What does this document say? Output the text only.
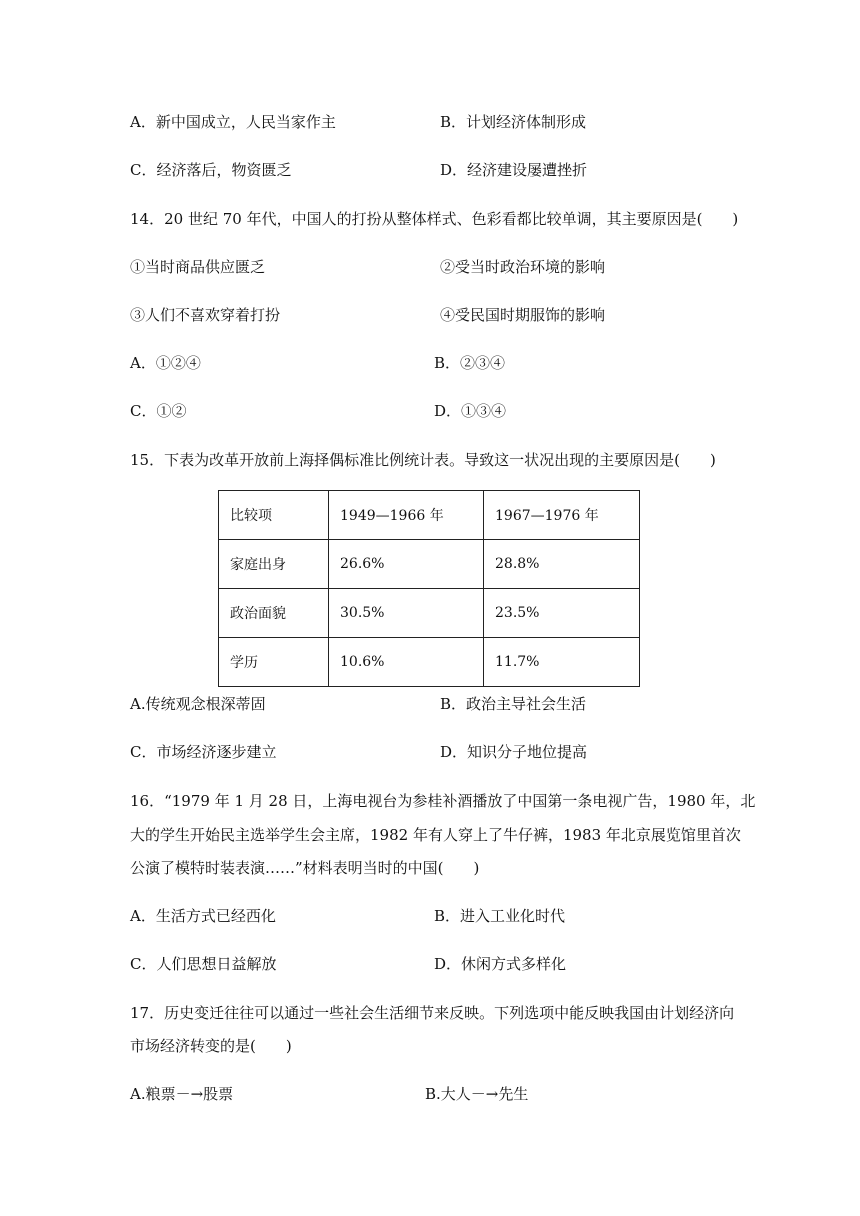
A．新中国成立，人民当家作主	B．计划经济体制形成
C．经济落后，物资匮乏	D．经济建设屡遭挫折
14．20 世纪 70 年代，中国人的打扮从整体样式、色彩看都比较单调，其主要原因是(　　)
①当时商品供应匮乏	②受当时政治环境的影响
③人们不喜欢穿着打扮	④受民国时期服饰的影响
A．①②④	B．②③④
C．①②	D．①③④
15．下表为改革开放前上海择偶标准比例统计表。导致这一状况出现的主要原因是(　　)
比较项	1949—1966 年	1967—1976 年
家庭出身	26.6%	28.8%
政治面貌	30.5%	23.5%
学历	10.6%	11.7%
A.传统观念根深蒂固	B．政治主导社会生活
C．市场经济逐步建立	D．知识分子地位提高
16．“1979 年 1 月 28 日，上海电视台为参桂补酒播放了中国第一条电视广告，1980 年，北
大的学生开始民主选举学生会主席，1982 年有人穿上了牛仔裤，1983 年北京展览馆里首次
公演了模特时装表演……”材料表明当时的中国(　　)
A．生活方式已经西化	B．进入工业化时代
C．人们思想日益解放	D．休闲方式多样化
17．历史变迁往往可以通过一些社会生活细节来反映。下列选项中能反映我国由计划经济向
市场经济转变的是(　　)
A.粮票－→股票	B.大人－→先生
